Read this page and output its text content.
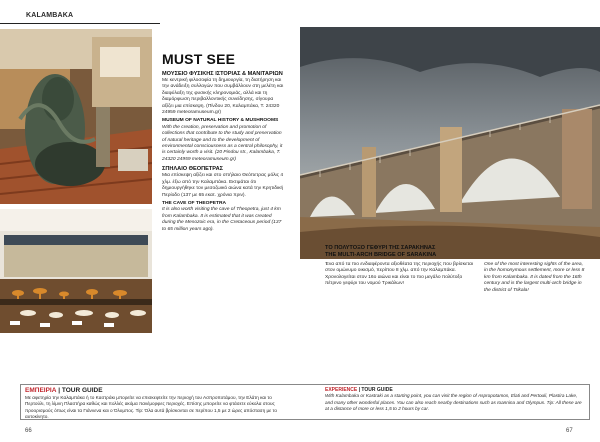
KALAMBAKA
MUST SEE
ΜΟΥΣΕΙΟ ΦΥΣΙΚΗΣ ΙΣΤΟΡΙΑΣ & ΜΑΝΙΤΑΡΙΩΝ

Με κεντρική φιλοσοφία τη δημιουργία, τη διατήρηση και την ανάδειξη συλλογών που συμβάλλουν στη μελέτη και διαφύλαξη της φυσικής κληρονομιάς, αλλά και τη διαμόρφωση περιβαλλοντικής συνείδησης, σίγουρα αξίζει μια επίσκεψη. (Πίνδου 20, Καλαμπάκα, Τ. 24320 24959 meteoramuseum.gr)

MUSEUM OF NATURAL HISTORY & MUSHROOMS

With the creation, preservation and promotion of collections that contribute to the study and preservation of natural heritage and to the development of environmental consciousness as a central philosophy, it is certainly worth a visit. (20 Pindou str., Kalambaka, T. 24320 24959 meteoramuseum.gr)

ΣΠΗΛΑΙΟ ΘΕΟΠΕΤΡΑΣ

Μια επίσκεψη αξίζει και στο σπήλαιο Θεόπετρας μόλις 4 χλμ. έξω από την Καλαμπάκα. Εκτιμάται ότι δημιουργήθηκε τον μεσοζωικό αιώνα κατά την Κρητιδική Περίοδο (137 με 65 εκατ. χρόνια πριν).

THE CAVE OF THEOPETRA

It is also worth visiting the cave of Theopetra, just 4 km from Kalambaka. It is estimated that it was created during the Mesozoic era, in the Cretaceous period (137 to 65 million years ago).

ΤΟ ΠΟΛΥΤΟΞΟ ΓΕΦΥΡΙ ΤΗΣ ΣΑΡΑΚΗΝΑΣ
THE MULTI-ARCH BRIDGE OF SARAKINA
Ένα από τα πιο ενδιαφέροντα αξιοθέατα της περιοχής που βρίσκεται στον ομώνυμο οικισμό, περίπου 8 χλμ. από την Καλαμπάκα. Χρονολογείται στον 16ο αιώνα και είναι το πιο μεγάλο πολύτοξο πέτρινο γεφύρι του νομού Τρικάλων!
One of the most interesting sights of the area, in the homonymous settlement, more or less 8 km from Kalambaka. It is dated from the 16th century and is the largest multi-arch bridge in the district of Trikala!
ΕΜΠΕΙΡΙΑ | TOUR GUIDE
Με αφετηρία την Καλαμπάκα ή το Καστράκι μπορείτε να επισκεφτείτε την περιοχή του Ασπροποτάμου, την Ελάτη και το Περτούλι, τη λίμνη Πλαστήρα καθώς και πολλές ακόμα πανέμορφες περιοχές. Επίσης μπορείτε να φτάσετε εύκολα στους προορισμούς όπως είναι τα Γιάννενα και ο Όλυμπος. Tip: Όλα αυτά βρίσκονται σε περίπου 1,5 με 2 ώρες απόσταση με το αυτοκίνητο.
EXPERIENCE | TOUR GUIDE
With Kalambaka or Kastraki as a starting point, you can visit the region of Aspropotamos, Elati and Pertouli, Plastira Lake, and many other wonderful places. You can also reach nearby destinations such as Ioannina and Olympus. Tip: All these are at a distance of more or less 1,5 to 2 hours by car.
66	67
